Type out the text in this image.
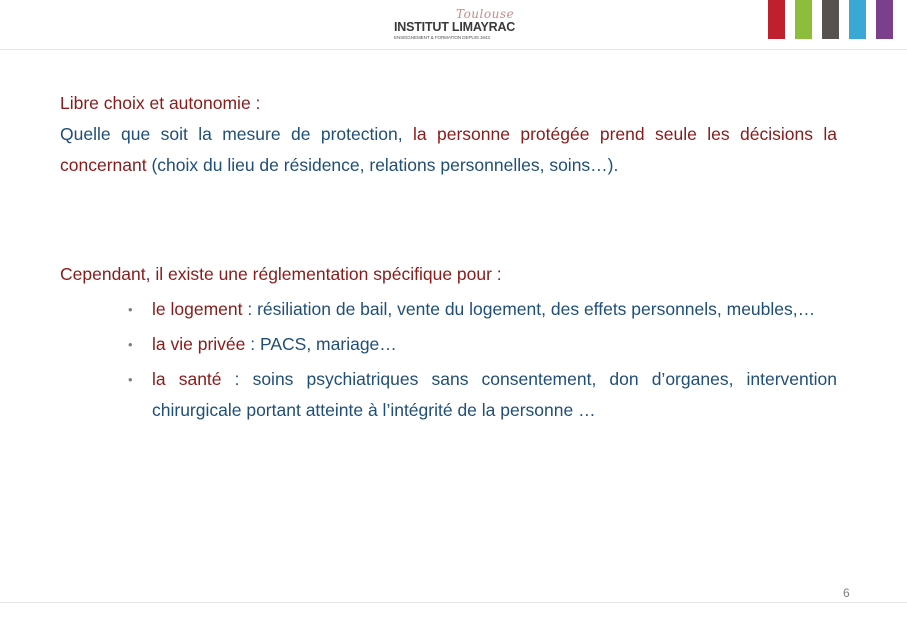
Toulouse
INSTITUT LIMAYRAC
ENSEIGNEMENT & FORMATION DEPUIS 1943
Libre choix et autonomie :
Quelle que soit la mesure de protection, la personne protégée prend seule les décisions la concernant (choix du lieu de résidence, relations personnelles, soins…).
Cependant, il existe une réglementation spécifique pour :
• le logement : résiliation de bail, vente du logement, des effets personnels, meubles,…
• la vie privée : PACS, mariage…
• la santé : soins psychiatriques sans consentement, don d’organes, intervention chirurgicale portant atteinte à l’intégrité de la personne …
6
